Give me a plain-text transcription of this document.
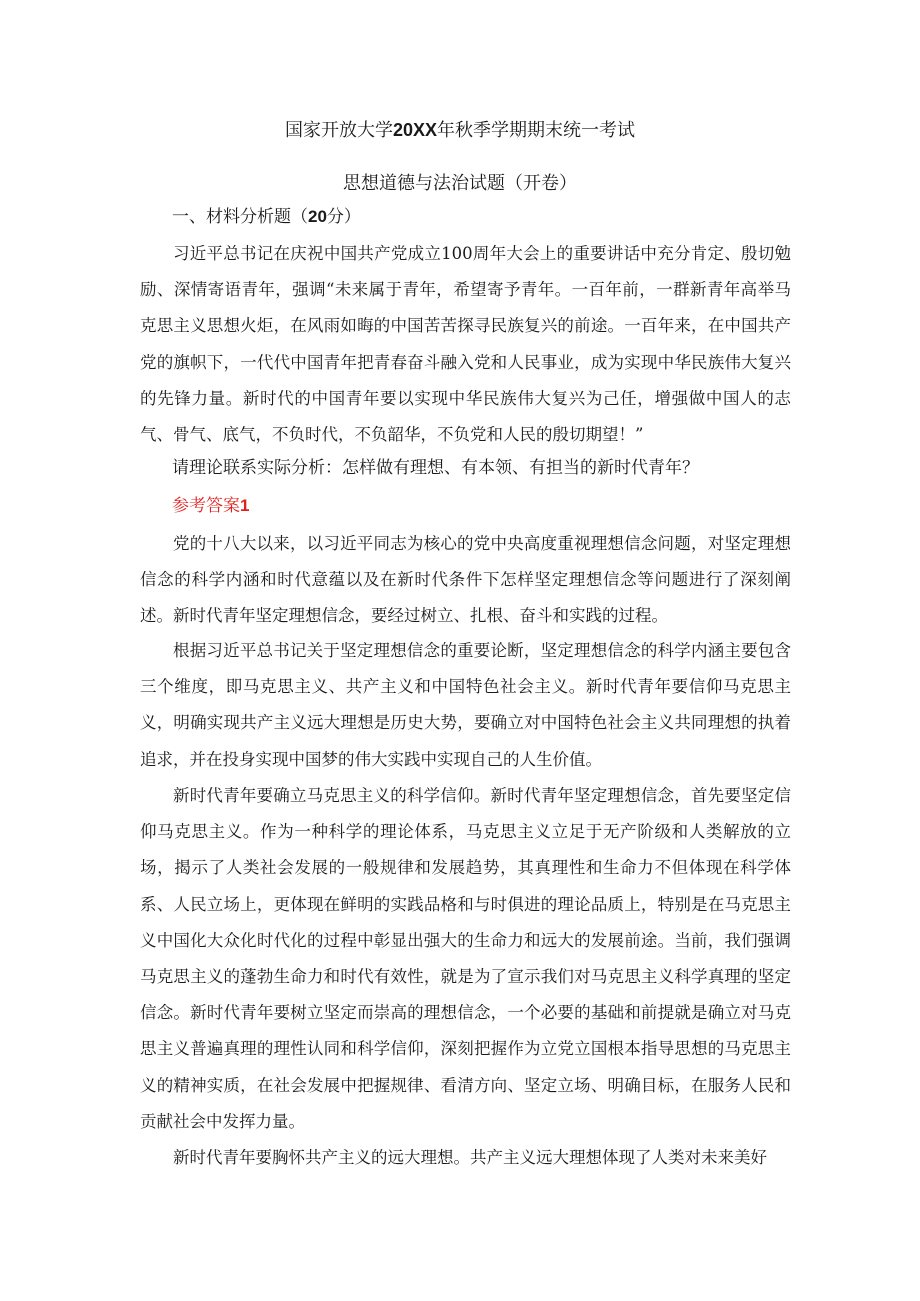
国家开放大学20XX年秋季学期期末统一考试
思想道德与法治试题（开卷）

一、材料分析题（20分）

习近平总书记在庆祝中国共产党成立100周年大会上的重要讲话中充分肯定、殷切勉励、深情寄语青年，强调“未来属于青年，希望寄予青年。一百年前，一群新青年高举马克思主义思想火炬，在风雨如晦的中国苦苦探寻民族复兴的前途。一百年来，在中国共产党的旗帜下，一代代中国青年把青春奋斗融入党和人民事业，成为实现中华民族伟大复兴的先锋力量。新时代的中国青年要以实现中华民族伟大复兴为己任，增强做中国人的志气、骨气、底气，不负时代，不负韶华，不负党和人民的殷切期望！”

请理论联系实际分析：怎样做有理想、有本领、有担当的新时代青年？

参考答案1

党的十八大以来，以习近平同志为核心的党中央高度重视理想信念问题，对坚定理想信念的科学内涵和时代意蕴以及在新时代条件下怎样坚定理想信念等问题进行了深刻阐述。新时代青年坚定理想信念，要经过树立、扎根、奋斗和实践的过程。

根据习近平总书记关于坚定理想信念的重要论断，坚定理想信念的科学内涵主要包含三个维度，即马克思主义、共产主义和中国特色社会主义。新时代青年要信仰马克思主义，明确实现共产主义远大理想是历史大势，要确立对中国特色社会主义共同理想的执着追求，并在投身实现中国梦的伟大实践中实现自己的人生价值。

新时代青年要确立马克思主义的科学信仰。新时代青年坚定理想信念，首先要坚定信仰马克思主义。作为一种科学的理论体系，马克思主义立足于无产阶级和人类解放的立场，揭示了人类社会发展的一般规律和发展趋势，其真理性和生命力不但体现在科学体系、人民立场上，更体现在鲜明的实践品格和与时俱进的理论品质上，特别是在马克思主义中国化大众化时代化的过程中彰显出强大的生命力和远大的发展前途。当前，我们强调马克思主义的蓬勃生命力和时代有效性，就是为了宣示我们对马克思主义科学真理的坚定信念。新时代青年要树立坚定而崇高的理想信念，一个必要的基础和前提就是确立对马克思主义普遍真理的理性认同和科学信仰，深刻把握作为立党立国根本指导思想的马克思主义的精神实质，在社会发展中把握规律、看清方向、坚定立场、明确目标，在服务人民和贡献社会中发挥力量。

新时代青年要胸怀共产主义的远大理想。共产主义远大理想体现了人类对未来美好
